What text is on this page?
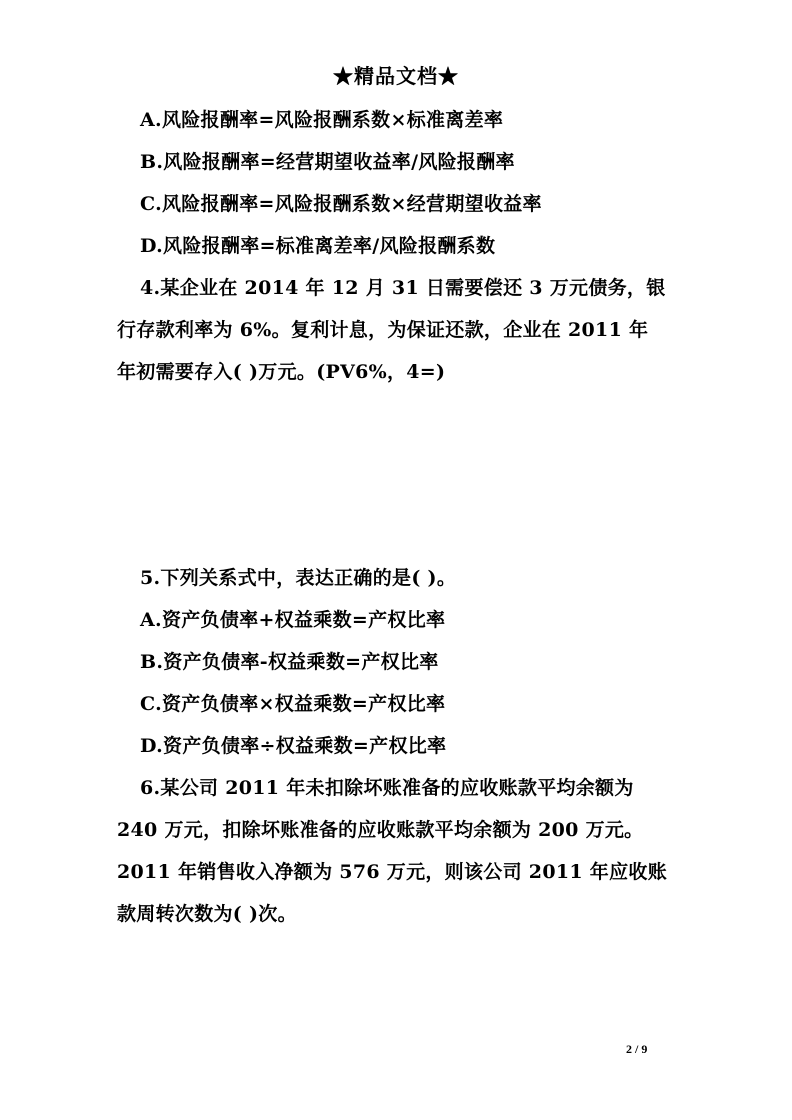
★精品文档★
A.风险报酬率=风险报酬系数×标准离差率
B.风险报酬率=经营期望收益率/风险报酬率
C.风险报酬率=风险报酬系数×经营期望收益率
D.风险报酬率=标准离差率/风险报酬系数
4.某企业在 2014 年 12 月 31 日需要偿还 3 万元债务，银
行存款利率为 6%。复利计息，为保证还款，企业在 2011 年
年初需要存入( )万元。(PV6%，4=)
5.下列关系式中，表达正确的是( )。
A.资产负债率+权益乘数=产权比率
B.资产负债率-权益乘数=产权比率
C.资产负债率×权益乘数=产权比率
D.资产负债率÷权益乘数=产权比率
6.某公司 2011 年未扣除坏账准备的应收账款平均余额为
240 万元，扣除坏账准备的应收账款平均余额为 200 万元。
2011 年销售收入净额为 576 万元，则该公司 2011 年应收账
款周转次数为( )次。
2 / 9
